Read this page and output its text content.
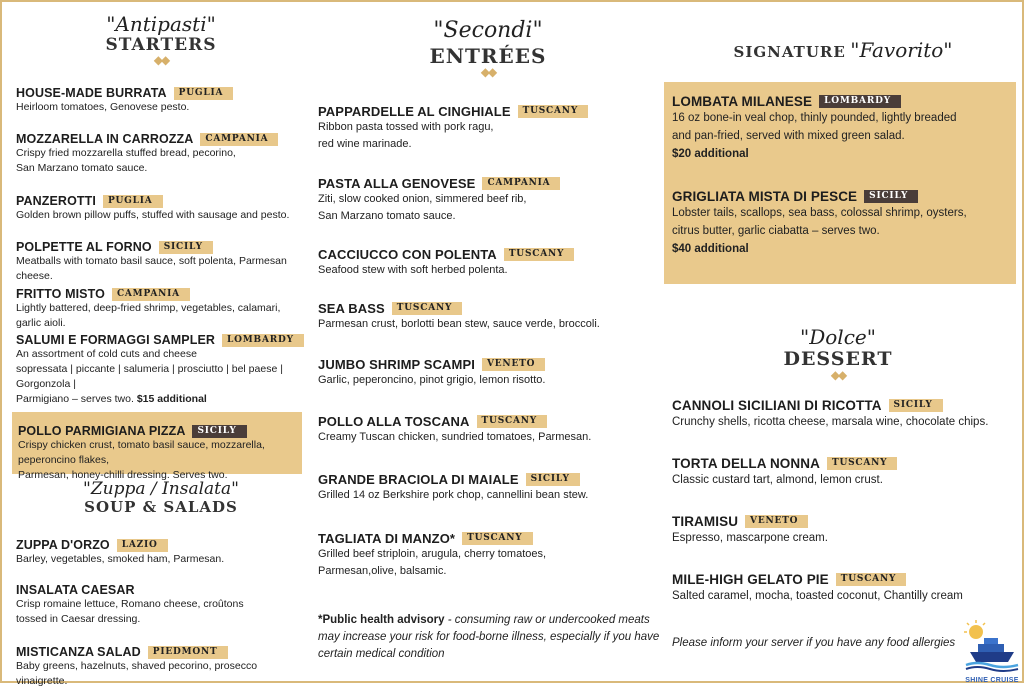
"Antipasti"
STARTERS
◆◆
HOUSE-MADE BURRATA	PUGLIA
Heirloom tomatoes, Genovese pesto.
MOZZARELLA IN CARROZZA	CAMPANIA
Crispy fried mozzarella stuffed bread, pecorino,
San Marzano tomato sauce.
PANZEROTTI	PUGLIA
Golden brown pillow puffs, stuffed with sausage and pesto.
POLPETTE AL FORNO	SICILY
Meatballs with tomato basil sauce, soft polenta, Parmesan cheese.
FRITTO MISTO	CAMPANIA
Lightly battered, deep-fried shrimp, vegetables, calamari, garlic aioli.
SALUMI E FORMAGGI SAMPLER	LOMBARDY
An assortment of cold cuts and cheese
sopressata | piccante | salumeria | prosciutto | bel paese | Gorgonzola |
Parmigiano – serves two. $15 additional
POLLO PARMIGIANA PIZZA	SICILY
Crispy chicken crust, tomato basil sauce, mozzarella, peperoncino flakes,
Parmesan, honey-chilli dressing. Serves two.
"Zuppa / Insalata"
SOUP & SALADS
ZUPPA D'ORZO	LAZIO
Barley, vegetables, smoked ham, Parmesan.
INSALATA CAESAR
Crisp romaine lettuce, Romano cheese, croûtons
tossed in Caesar dressing.
MISTICANZA SALAD	PIEDMONT
Baby greens, hazelnuts, shaved pecorino, prosecco vinaigrette.
"Secondi"
ENTRÉES
◆◆
PAPPARDELLE AL CINGHIALE	TUSCANY
Ribbon pasta tossed with pork ragu,
red wine marinade.
PASTA ALLA GENOVESE	CAMPANIA
Ziti, slow cooked onion, simmered beef rib,
San Marzano tomato sauce.
CACCIUCCO CON POLENTA	TUSCANY
Seafood stew with soft herbed polenta.
SEA BASS	TUSCANY
Parmesan crust, borlotti bean stew, sauce verde, broccoli.
JUMBO SHRIMP SCAMPI	VENETO
Garlic, peperoncino, pinot grigio, lemon risotto.
POLLO ALLA TOSCANA	TUSCANY
Creamy Tuscan chicken, sundried tomatoes, Parmesan.
GRANDE BRACIOLA DI MAIALE	SICILY
Grilled 14 oz Berkshire pork chop, cannellini bean stew.
TAGLIATA DI MANZO*	TUSCANY
Grilled beef striploin, arugula, cherry tomatoes,
Parmesan,olive, balsamic.
*Public health advisory - consuming raw or undercooked meats may increase your risk for food-borne illness, especially if you have certain medical condition
SIGNATURE "Favorito"
LOMBATA MILANESE	LOMBARDY
16 oz bone-in veal chop, thinly pounded, lightly breaded
and pan-fried, served with mixed green salad.
$20 additional
GRIGLIATA MISTA DI PESCE	SICILY
Lobster tails, scallops, sea bass, colossal shrimp, oysters,
citrus butter, garlic ciabatta – serves two.
$40 additional
"Dolce"
DESSERT
◆◆
CANNOLI SICILIANI DI RICOTTA	SICILY
Crunchy shells, ricotta cheese, marsala wine, chocolate chips.
TORTA DELLA NONNA	TUSCANY
Classic custard tart, almond, lemon crust.
TIRAMISU	VENETO
Espresso, mascarpone cream.
MILE-HIGH GELATO PIE	TUSCANY
Salted caramel, mocha, toasted coconut, Chantilly cream
Please inform your server if you have any food allergies
SHINE CRUISE
